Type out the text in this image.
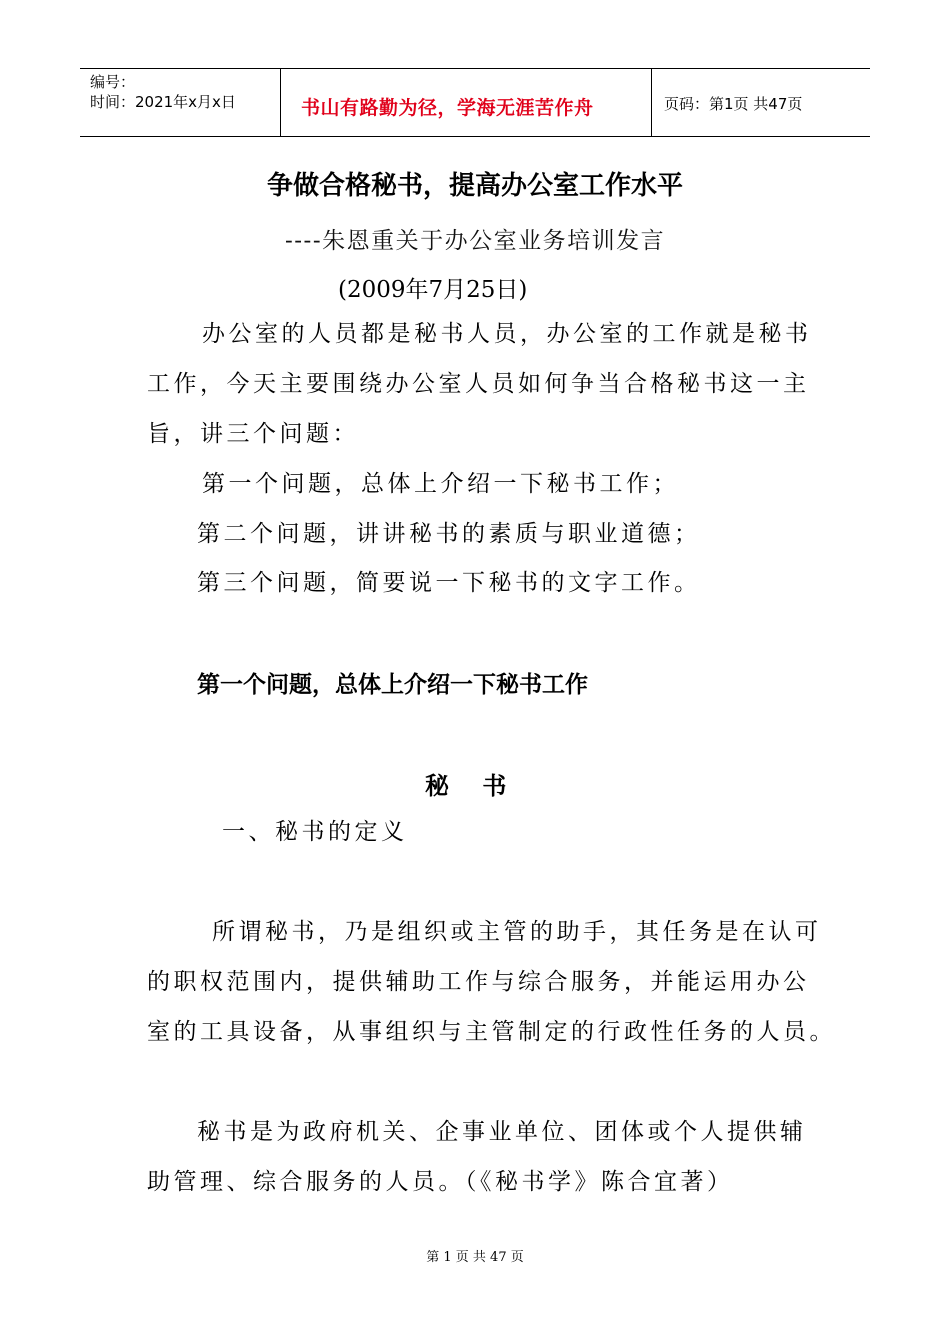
编号：
时间：2021年x月x日	书山有路勤为径，学海无涯苦作舟	页码：第1页 共47页
争做合格秘书，提高办公室工作水平
----朱恩重关于办公室业务培训发言
(2009年7月25日)
办公室的人员都是秘书人员，办公室的工作就是秘书
工作，今天主要围绕办公室人员如何争当合格秘书这一主
旨，讲三个问题：
第一个问题，总体上介绍一下秘书工作；
第二个问题，讲讲秘书的素质与职业道德；
第三个问题，简要说一下秘书的文字工作。
第一个问题，总体上介绍一下秘书工作
秘    书
一、秘书的定义
所谓秘书，乃是组织或主管的助手，其任务是在认可
的职权范围内，提供辅助工作与综合服务，并能运用办公
室的工具设备，从事组织与主管制定的行政性任务的人员。
秘书是为政府机关、企事业单位、团体或个人提供辅
助管理、综合服务的人员。（《秘书学》陈合宜著）
第 1 页 共 47 页
